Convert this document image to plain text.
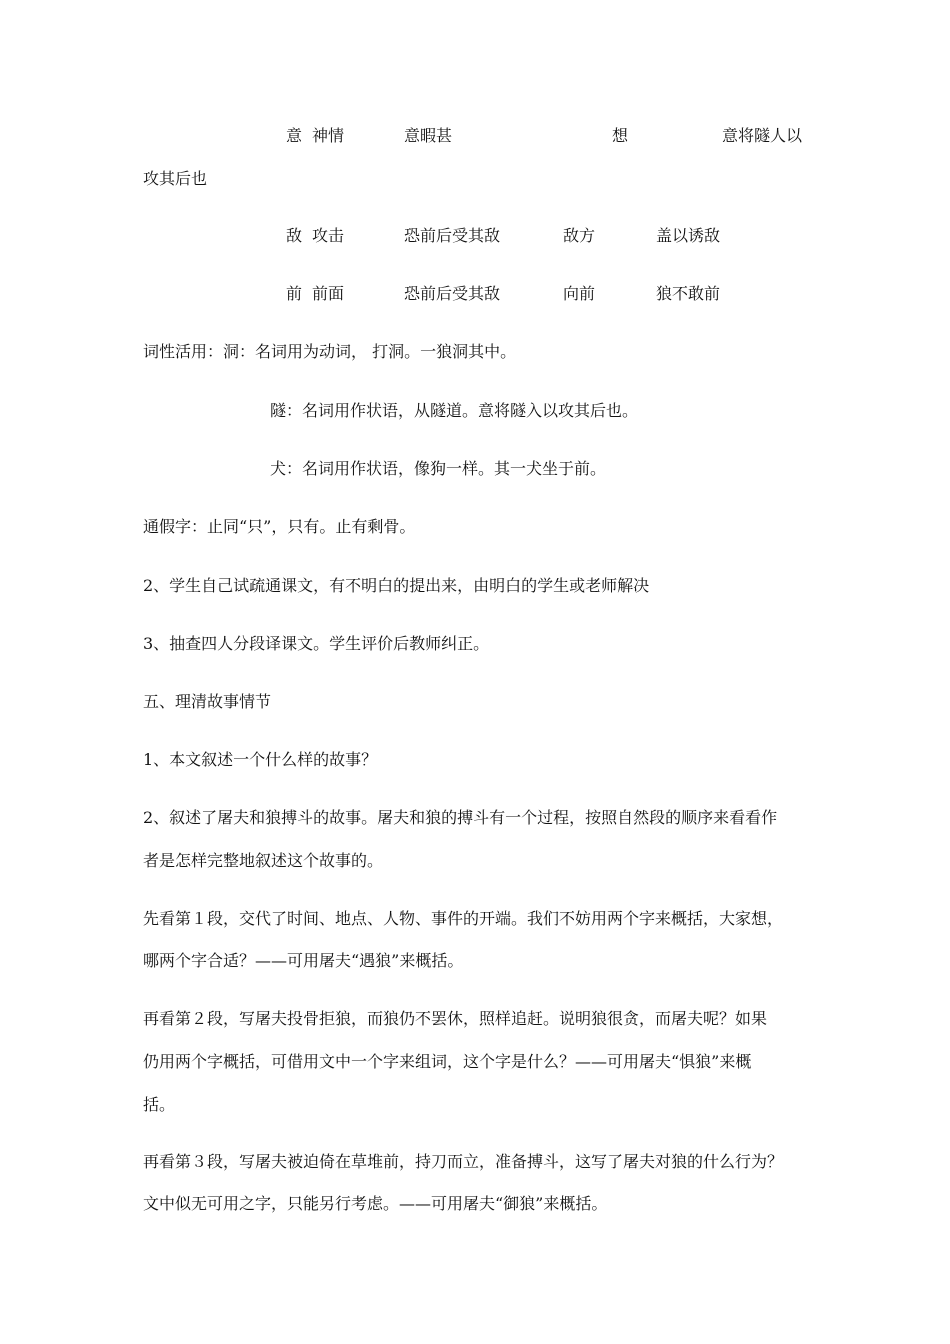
意 神情	意暇甚	想	意将隧人以
攻其后也
敌 攻击	恐前后受其敌	敌方	盖以诱敌
前 前面	恐前后受其敌	向前	狼不敢前
词性活用：洞：名词用为动词， 打洞。一狼洞其中。
隧：名词用作状语，从隧道。意将隧入以攻其后也。
犬：名词用作状语，像狗一样。其一犬坐于前。
通假字：止同“只”，只有。止有剩骨。
2、学生自己试疏通课文，有不明白的提出来，由明白的学生或老师解决
3、抽查四人分段译课文。学生评价后教师纠正。
五、理清故事情节
1、本文叙述一个什么样的故事？
2、叙述了屠夫和狼搏斗的故事。屠夫和狼的搏斗有一个过程，按照自然段的顺序来看看作
者是怎样完整地叙述这个故事的。
先看第１段，交代了时间、地点、人物、事件的开端。我们不妨用两个字来概括，大家想，
哪两个字合适？——可用屠夫“遇狼”来概括。
再看第２段，写屠夫投骨拒狼，而狼仍不罢休，照样追赶。说明狼很贪，而屠夫呢？如果
仍用两个字概括，可借用文中一个字来组词，这个字是什么？——可用屠夫“惧狼”来概
括。
再看第３段，写屠夫被迫倚在草堆前，持刀而立，准备搏斗，这写了屠夫对狼的什么行为？
文中似无可用之字，只能另行考虑。——可用屠夫“御狼”来概括。
